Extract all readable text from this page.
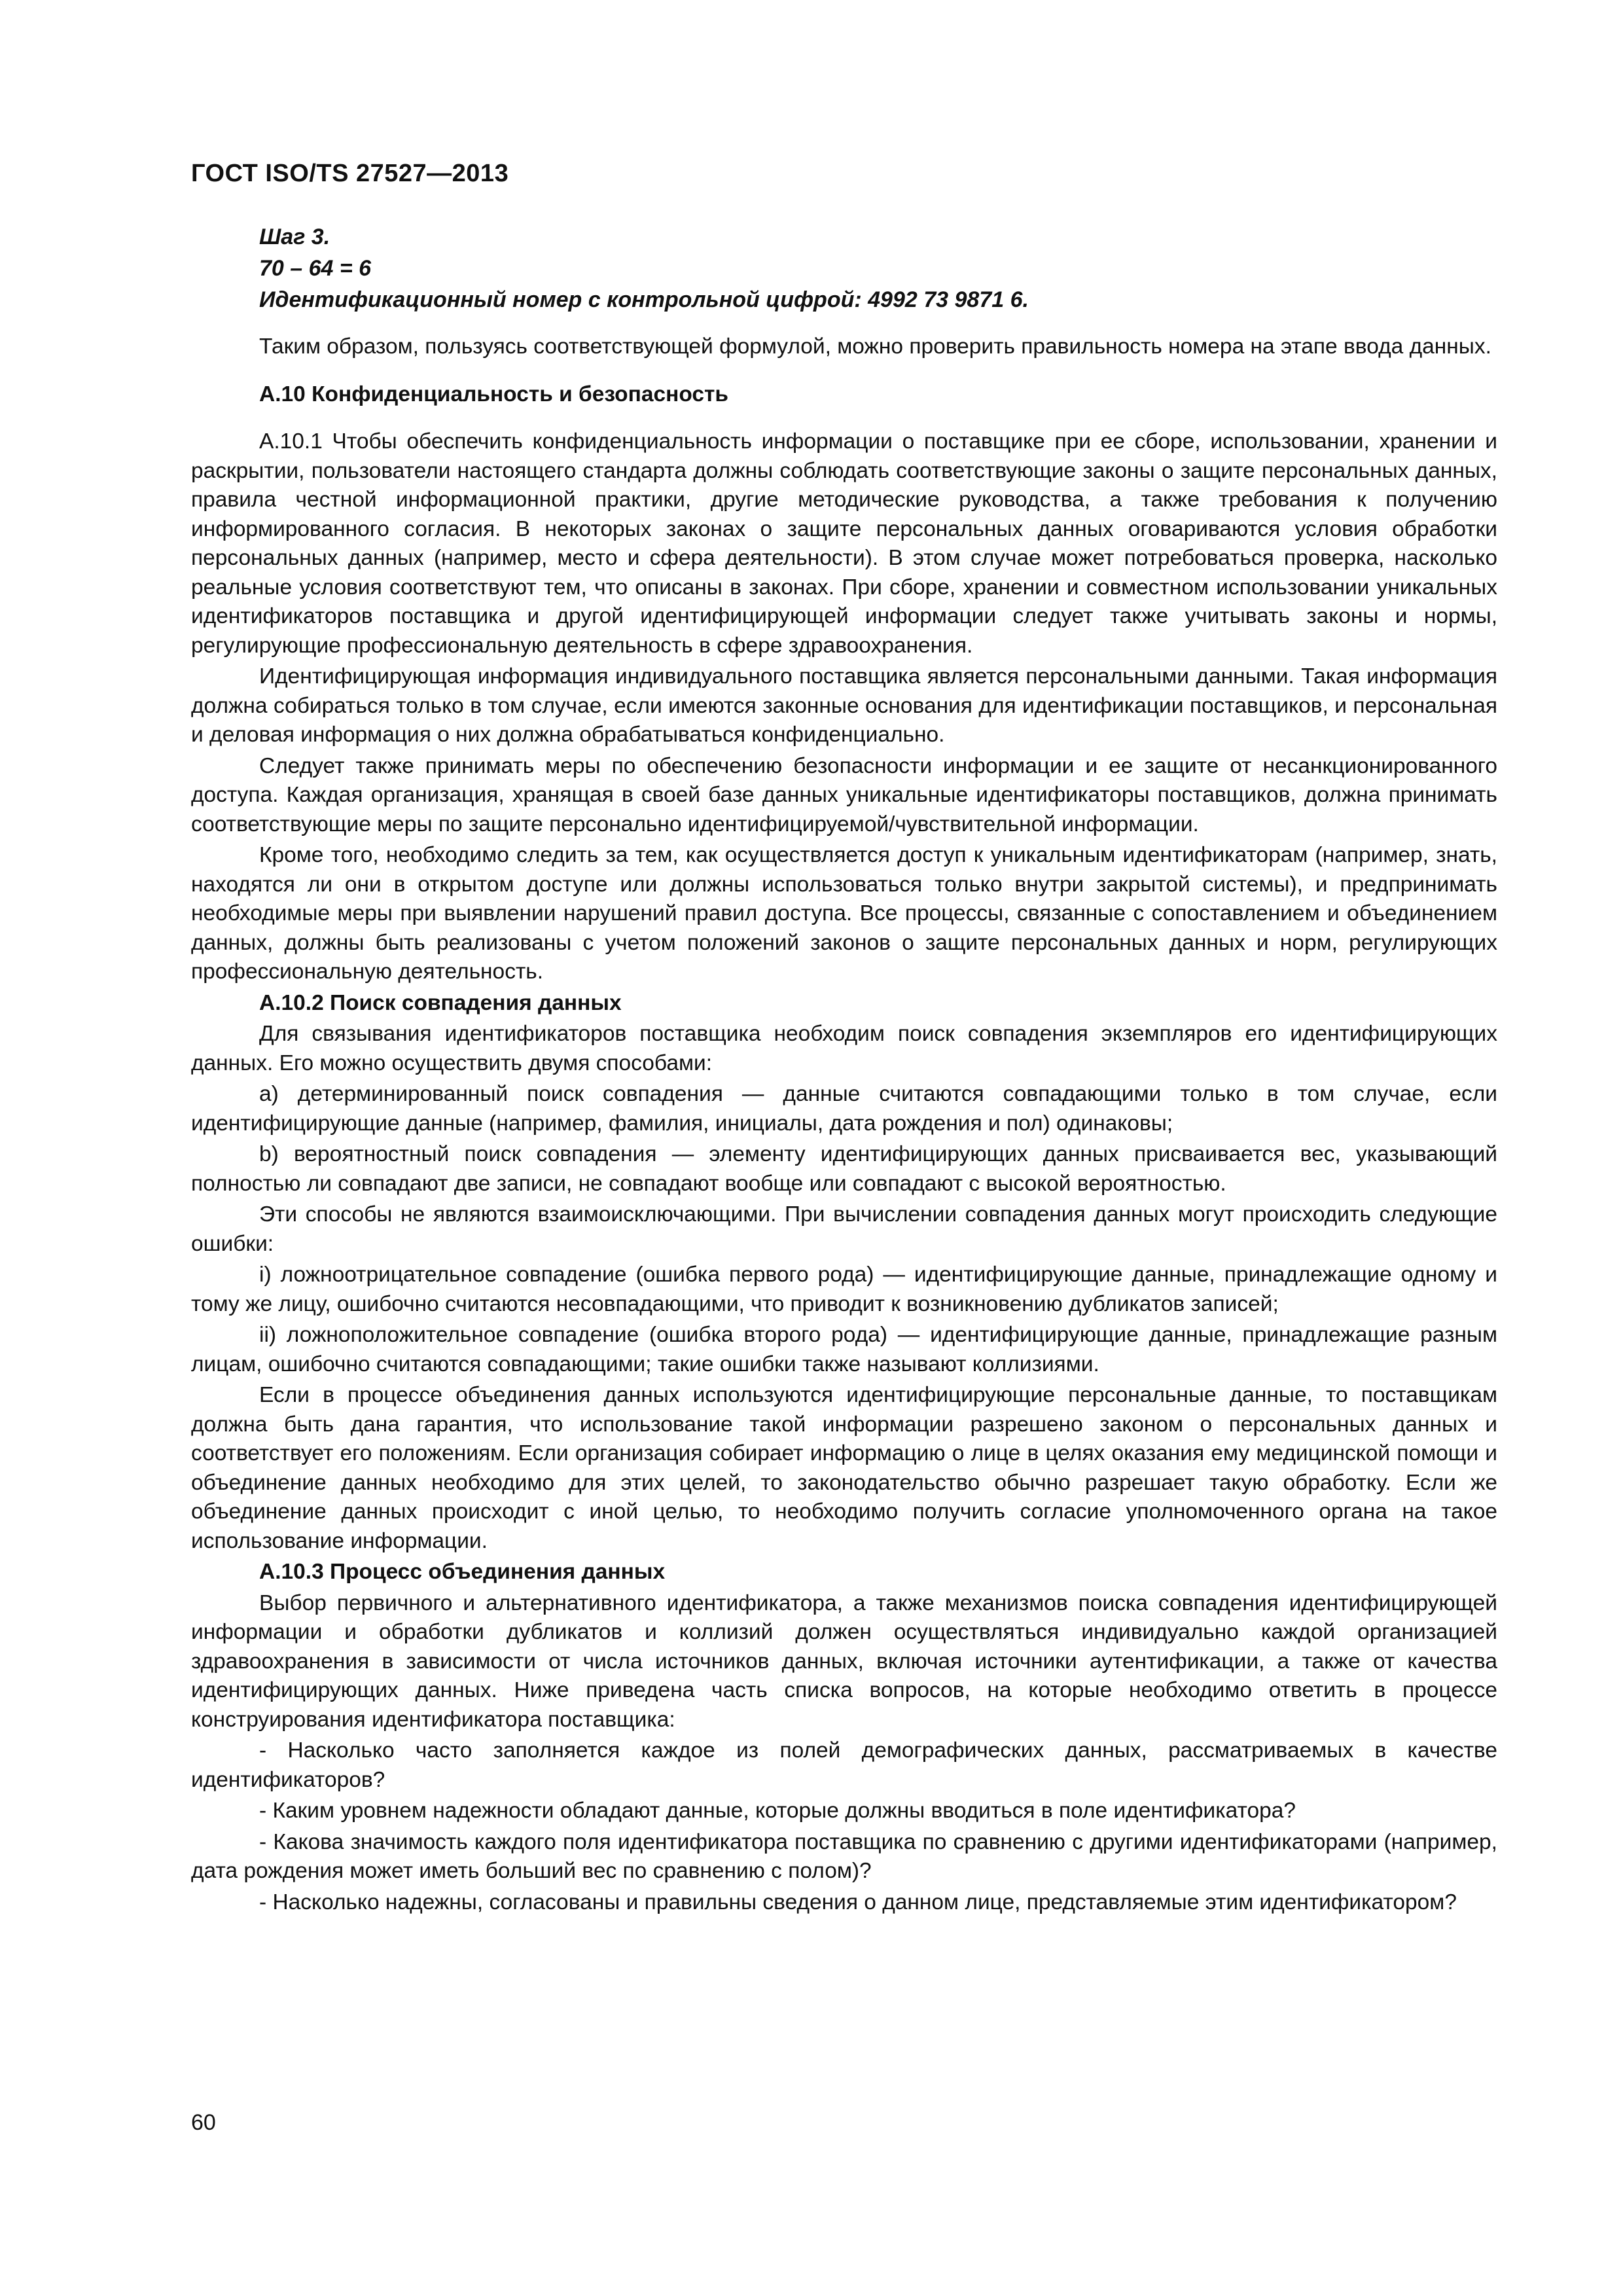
ГОСТ ISO/TS 27527—2013
Шаг 3.
70 – 64 = 6
Идентификационный номер с контрольной цифрой: 4992 73 9871 6.

Таким образом, пользуясь соответствующей формулой, можно проверить правильность номера на этапе ввода данных.

А.10 Конфиденциальность и безопасность

А.10.1 Чтобы обеспечить конфиденциальность информации о поставщике при ее сборе, использовании, хранении и раскрытии, пользователи настоящего стандарта должны соблюдать соответствующие законы о защите персональных данных, правила честной информационной практики, другие методические руководства, а также требования к получению информированного согласия. В некоторых законах о защите персональных данных оговариваются условия обработки персональных данных (например, место и сфера деятельности). В этом случае может потребоваться проверка, насколько реальные условия соответствуют тем, что описаны в законах. При сборе, хранении и совместном использовании уникальных идентификаторов поставщика и другой идентифицирующей информации следует также учитывать законы и нормы, регулирующие профессиональную деятельность в сфере здравоохранения.

Идентифицирующая информация индивидуального поставщика является персональными данными. Такая информация должна собираться только в том случае, если имеются законные основания для идентификации поставщиков, и персональная и деловая информация о них должна обрабатываться конфиденциально.

Следует также принимать меры по обеспечению безопасности информации и ее защите от несанкционированного доступа. Каждая организация, хранящая в своей базе данных уникальные идентификаторы поставщиков, должна принимать соответствующие меры по защите персонально идентифицируемой/чувствительной информации.

Кроме того, необходимо следить за тем, как осуществляется доступ к уникальным идентификаторам (например, знать, находятся ли они в открытом доступе или должны использоваться только внутри закрытой системы), и предпринимать необходимые меры при выявлении нарушений правил доступа. Все процессы, связанные с сопоставлением и объединением данных, должны быть реализованы с учетом положений законов о защите персональных данных и норм, регулирующих профессиональную деятельность.

А.10.2 Поиск совпадения данных

Для связывания идентификаторов поставщика необходим поиск совпадения экземпляров его идентифицирующих данных. Его можно осуществить двумя способами:

а) детерминированный поиск совпадения — данные считаются совпадающими только в том случае, если идентифицирующие данные (например, фамилия, инициалы, дата рождения и пол) одинаковы;

b) вероятностный поиск совпадения — элементу идентифицирующих данных присваивается вес, указывающий полностью ли совпадают две записи, не совпадают вообще или совпадают с высокой вероятностью.

Эти способы не являются взаимоисключающими. При вычислении совпадения данных могут происходить следующие ошибки:

i) ложноотрицательное совпадение (ошибка первого рода) — идентифицирующие данные, принадлежащие одному и тому же лицу, ошибочно считаются несовпадающими, что приводит к возникновению дубликатов записей;

ii) ложноположительное совпадение (ошибка второго рода) — идентифицирующие данные, принадлежащие разным лицам, ошибочно считаются совпадающими; такие ошибки также называют коллизиями.

Если в процессе объединения данных используются идентифицирующие персональные данные, то поставщикам должна быть дана гарантия, что использование такой информации разрешено законом о персональных данных и соответствует его положениям. Если организация собирает информацию о лице в целях оказания ему медицинской помощи и объединение данных необходимо для этих целей, то законодательство обычно разрешает такую обработку. Если же объединение данных происходит с иной целью, то необходимо получить согласие уполномоченного органа на такое использование информации.

А.10.3 Процесс объединения данных

Выбор первичного и альтернативного идентификатора, а также механизмов поиска совпадения идентифицирующей информации и обработки дубликатов и коллизий должен осуществляться индивидуально каждой организацией здравоохранения в зависимости от числа источников данных, включая источники аутентификации, а также от качества идентифицирующих данных. Ниже приведена часть списка вопросов, на которые необходимо ответить в процессе конструирования идентификатора поставщика:

- Насколько часто заполняется каждое из полей демографических данных, рассматриваемых в качестве идентификаторов?

- Каким уровнем надежности обладают данные, которые должны вводиться в поле идентификатора?

- Какова значимость каждого поля идентификатора поставщика по сравнению с другими идентификаторами (например, дата рождения может иметь больший вес по сравнению с полом)?

- Насколько надежны, согласованы и правильны сведения о данном лице, представляемые этим идентификатором?

60
